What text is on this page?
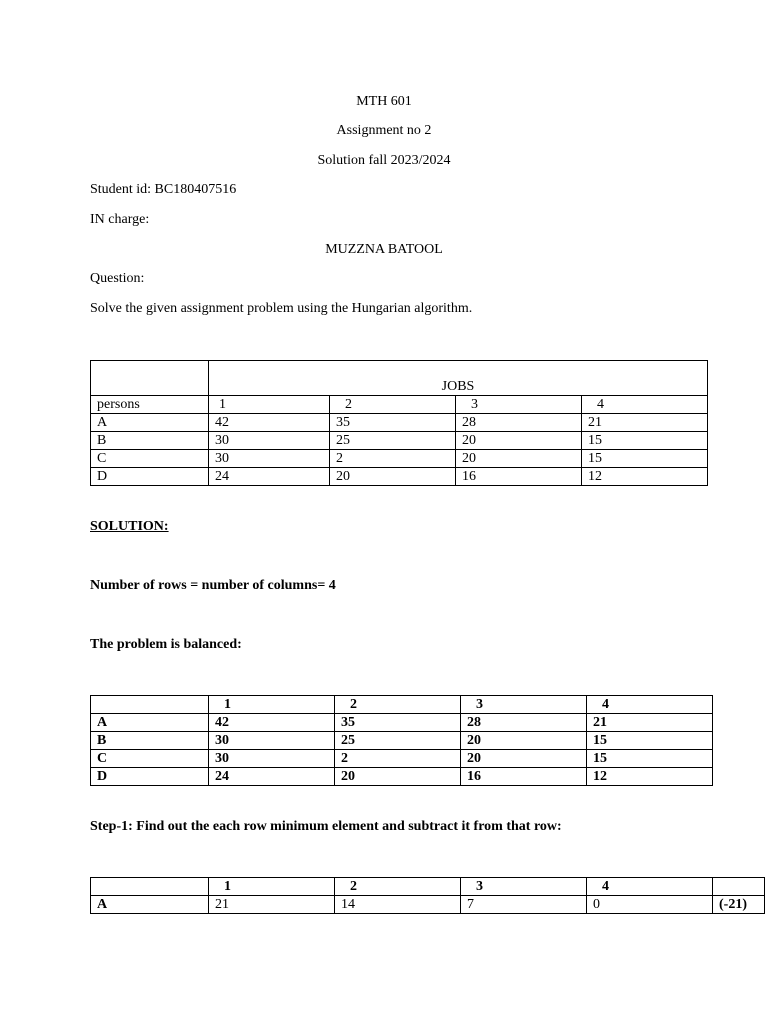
MTH 601
Assignment no 2
Solution fall 2023/2024
Student id: BC180407516
IN charge:
MUZZNA BATOOL
Question:
Solve the given assignment problem using the Hungarian algorithm.
	JOBS			
persons	1	2	3	4
A	42	35	28	21
B	30	25	20	15
C	30	2	20	15
D	24	20	16	12
SOLUTION:
Number of rows = number of columns= 4
The problem is balanced:
	1	2	3	4
A	42	35	28	21
B	30	25	20	15
C	30	2	20	15
D	24	20	16	12
Step-1: Find out the each row minimum element and subtract it from that row:
	1	2	3	4	
A	21	14	7	0	(-21)
